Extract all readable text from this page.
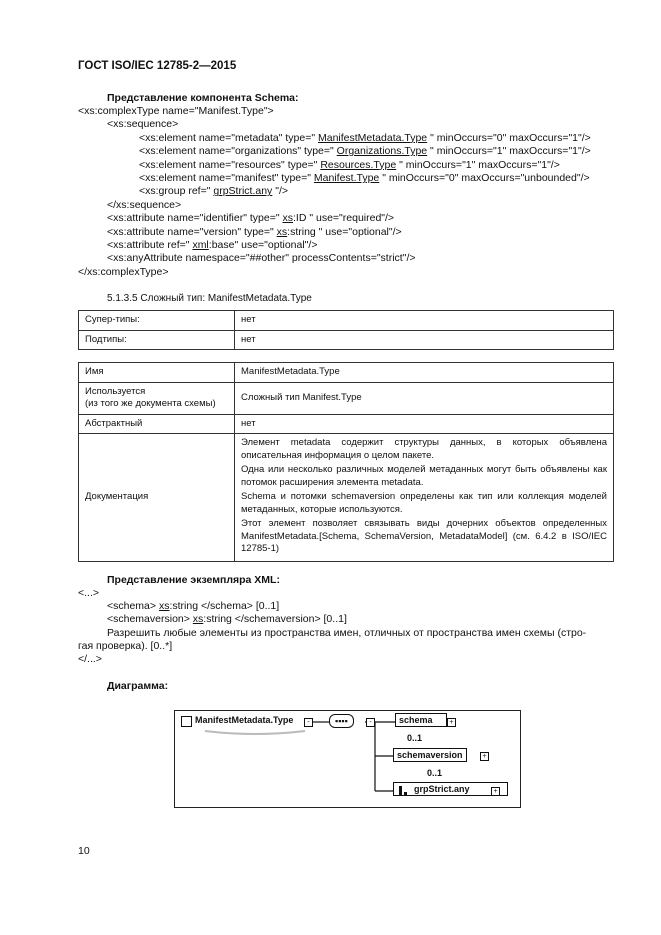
ГОСТ ISO/IEC 12785-2—2015
Представление компонента Schema:
<xs:complexType name="Manifest.Type">
<xs:sequence>
<xs:element name="metadata" type=" ManifestMetadata.Type " minOccurs="0" maxOccurs="1"/>
<xs:element name="organizations" type=" Organizations.Type " minOccurs="1" maxOccurs="1"/>
<xs:element name="resources" type=" Resources.Type " minOccurs="1" maxOccurs="1"/>
<xs:element name="manifest" type=" Manifest.Type " minOccurs="0" maxOccurs="unbounded"/>
<xs:group ref=" grpStrict.any "/>
</xs:sequence>
<xs:attribute name="identifier" type=" xs:ID " use="required"/>
<xs:attribute name="version" type=" xs:string " use="optional"/>
<xs:attribute ref=" xml:base" use="optional"/>
<xs:anyAttribute namespace="##other" processContents="strict"/>
</xs:complexType>
5.1.3.5 Сложный тип: ManifestMetadata.Type
Супер-типы:	нет
Подтипы:	нет
Имя	ManifestMetadata.Type

Используется
(из того же документа схемы)	Сложный тип Manifest.Type
Абстрактный	нет
Документация	Элемент metadata содержит структуры данных, в которых объявлена описательная информация о целом пакете.

Одна или несколько различных моделей метаданных могут быть объявлены как потомок расширения элемента metadata.

Schema и потомки schemaversion определены как тип или коллекция моделей метаданных, которые используются.

Этот элемент позволяет связывать виды дочерних объектов определенных ManifestMetadata.[Schema, SchemaVersion, MetadataModel] (см. 6.4.2 в ISO/IEC 12785-1)

Представление экземпляра XML:
<...>
<schema> xs:string </schema> [0..1]
<schemaversion> xs:string </schemaversion> [0..1]
Разрешить любые элементы из пространства имен, отличных от пространства имен схемы (стро-
гая проверка). [0..*]
</...>
Диаграмма:
ManifestMetadata.Type	-	▪▪▪▪	-	schema	+
0..1
schemaversion	+
0..1
grpStrict.any	+
10
